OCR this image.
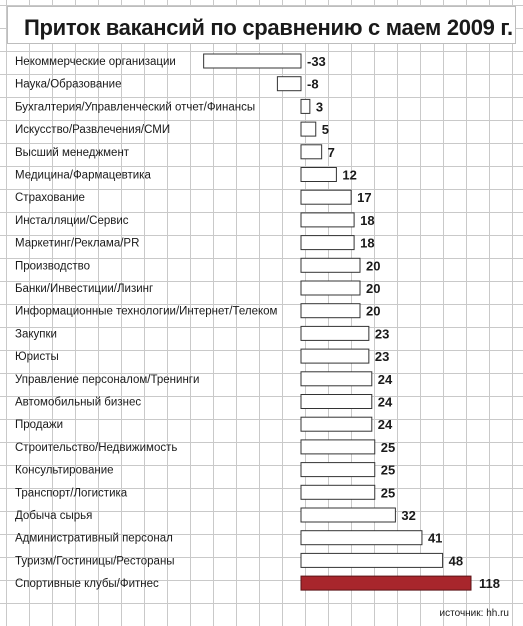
Приток вакансий по сравнению с маем 2009 г.
Некоммерческие организации	-33
Наука/Образование	-8
Бухгалтерия/Управленческий отчет/Финансы	3
Искусство/Развлечения/СМИ	5
Высший менеджмент	7
Медицина/Фармацевтика	12
Страхование	17
Инсталляции/Сервис	18
Маркетинг/Реклама/PR	18
Производство	20
Банки/Инвестиции/Лизинг	20
Информационные технологии/Интернет/Телеком	20
Закупки	23
Юристы	23
Управление персоналом/Тренинги	24
Автомобильный бизнес	24
Продажи	24
Строительство/Недвижимость	25
Консультирование	25
Транспорт/Логистика	25
Добыча сырья	32
Административный персонал	41
Туризм/Гостиницы/Рестораны	48
Спортивные клубы/Фитнес	118

источник: hh.ru
